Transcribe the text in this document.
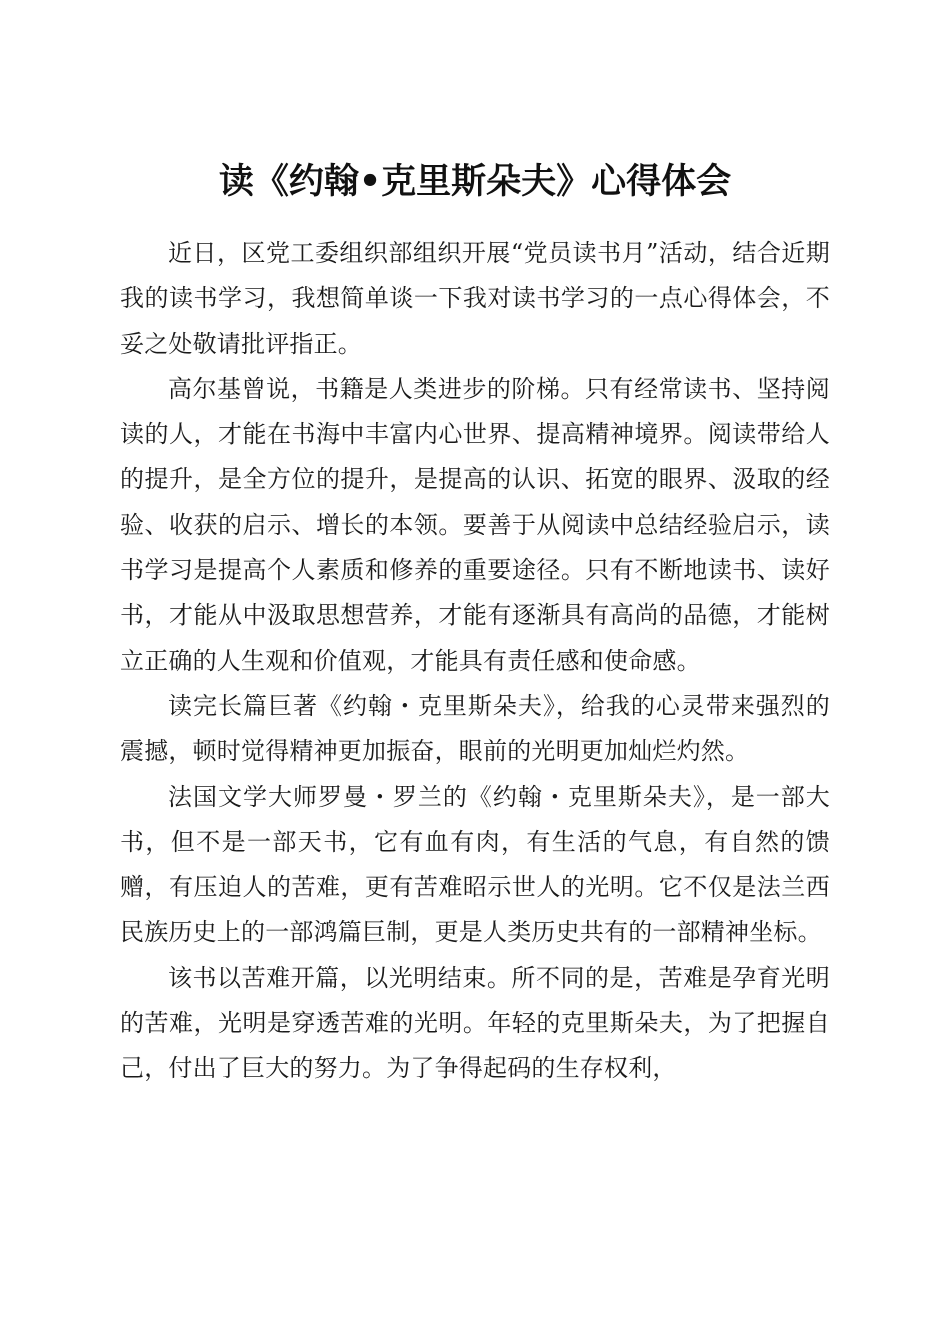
读《约翰•克里斯朵夫》心得体会

近日，区党工委组织部组织开展“党员读书月”活动，结合近期我的读书学习，我想简单谈一下我对读书学习的一点心得体会，不妥之处敬请批评指正。

高尔基曾说，书籍是人类进步的阶梯。只有经常读书、坚持阅读的人，才能在书海中丰富内心世界、提高精神境界。阅读带给人的提升，是全方位的提升，是提高的认识、拓宽的眼界、汲取的经验、收获的启示、增长的本领。要善于从阅读中总结经验启示，读书学习是提高个人素质和修养的重要途径。只有不断地读书、读好书，才能从中汲取思想营养，才能有逐渐具有高尚的品德，才能树立正确的人生观和价值观，才能具有责任感和使命感。

读完长篇巨著《约翰・克里斯朵夫》，给我的心灵带来强烈的震撼，顿时觉得精神更加振奋，眼前的光明更加灿烂灼然。

法国文学大师罗曼・罗兰的《约翰・克里斯朵夫》，是一部大书，但不是一部天书，它有血有肉，有生活的气息，有自然的馈赠，有压迫人的苦难，更有苦难昭示世人的光明。它不仅是法兰西民族历史上的一部鸿篇巨制，更是人类历史共有的一部精神坐标。

该书以苦难开篇，以光明结束。所不同的是，苦难是孕育光明的苦难，光明是穿透苦难的光明。年轻的克里斯朵夫，为了把握自己，付出了巨大的努力。为了争得起码的生存权利，
